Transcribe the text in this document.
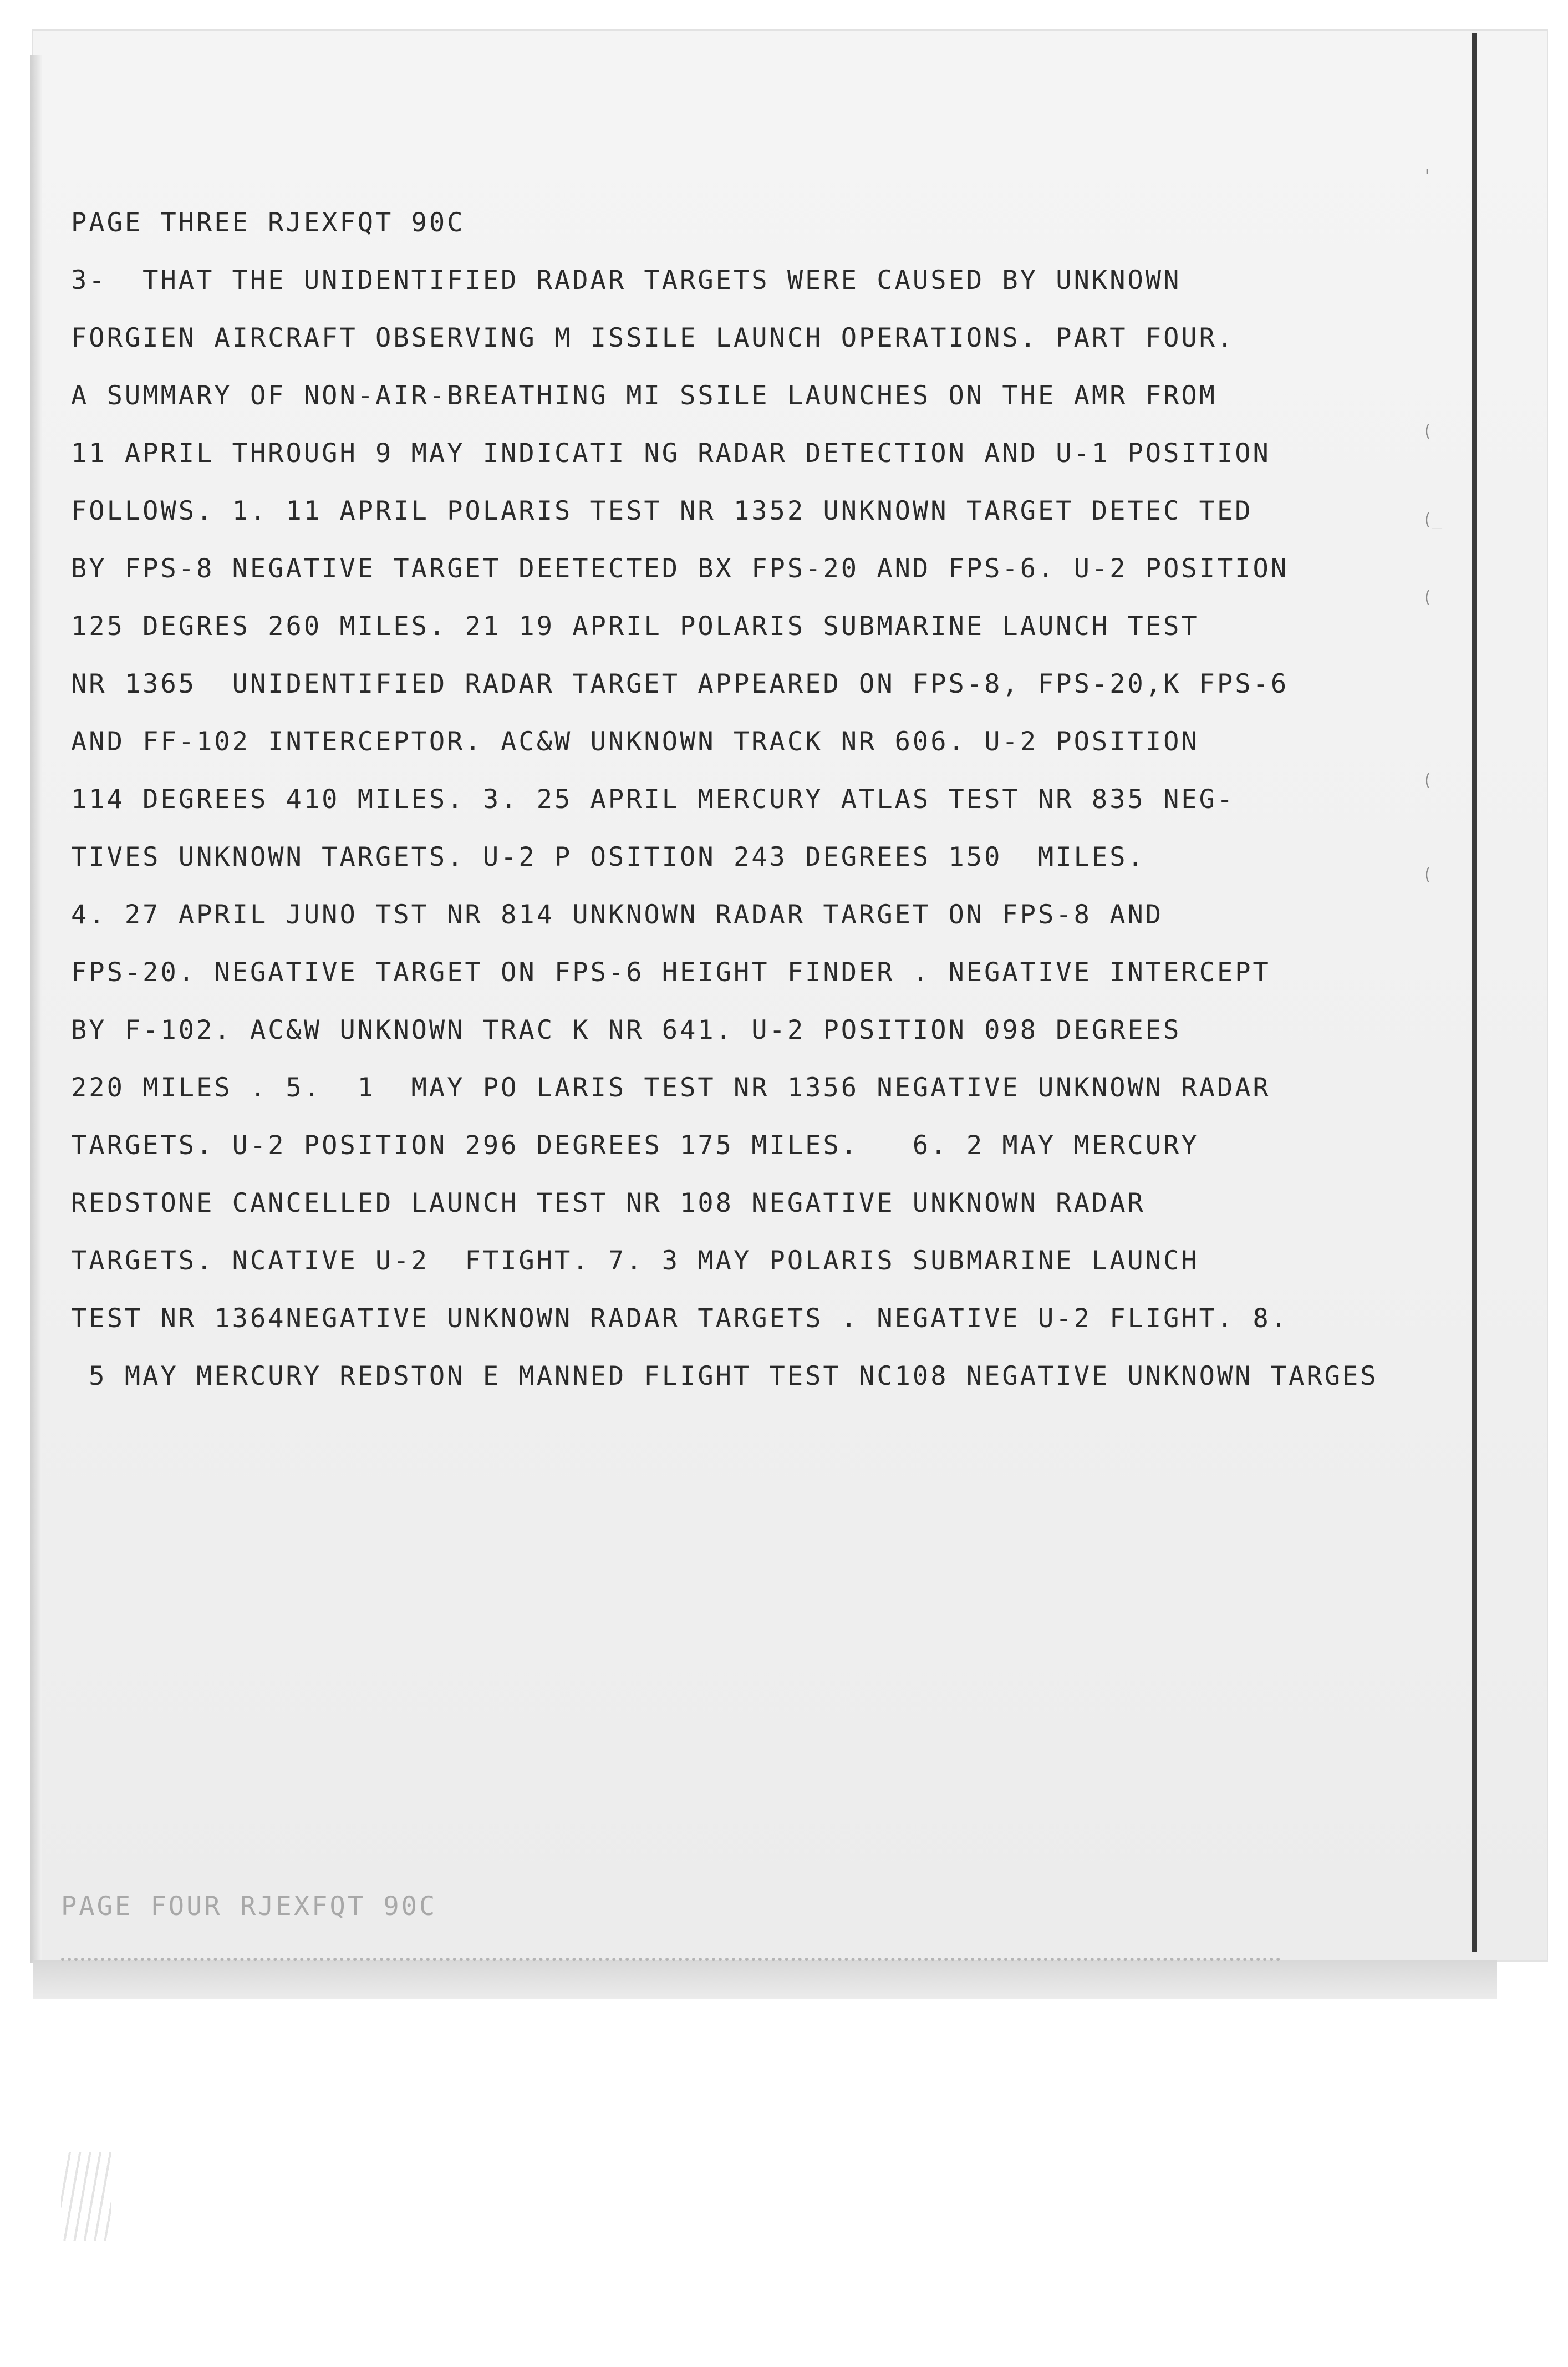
'
(
(_
(
(
(
PAGE THREE RJEXFQT 90C
3-  THAT THE UNIDENTIFIED RADAR TARGETS WERE CAUSED BY UNKNOWN
FORGIEN AIRCRAFT OBSERVING M ISSILE LAUNCH OPERATIONS. PART FOUR.
A SUMMARY OF NON-AIR-BREATHING MI SSILE LAUNCHES ON THE AMR FROM
11 APRIL THROUGH 9 MAY INDICATI NG RADAR DETECTION AND U-1 POSITION
FOLLOWS. 1. 11 APRIL POLARIS TEST NR 1352 UNKNOWN TARGET DETEC TED
BY FPS-8 NEGATIVE TARGET DEETECTED BX FPS-20 AND FPS-6. U-2 POSITION
125 DEGRES 260 MILES. 21 19 APRIL POLARIS SUBMARINE LAUNCH TEST
NR 1365  UNIDENTIFIED RADAR TARGET APPEARED ON FPS-8, FPS-20,K FPS-6
AND FF-102 INTERCEPTOR. AC&W UNKNOWN TRACK NR 606. U-2 POSITION
114 DEGREES 410 MILES. 3. 25 APRIL MERCURY ATLAS TEST NR 835 NEG-
TIVES UNKNOWN TARGETS. U-2 P OSITION 243 DEGREES 150  MILES.
4. 27 APRIL JUNO TST NR 814 UNKNOWN RADAR TARGET ON FPS-8 AND
FPS-20. NEGATIVE TARGET ON FPS-6 HEIGHT FINDER . NEGATIVE INTERCEPT
BY F-102. AC&W UNKNOWN TRAC K NR 641. U-2 POSITION 098 DEGREES
220 MILES . 5.  1  MAY PO LARIS TEST NR 1356 NEGATIVE UNKNOWN RADAR
TARGETS. U-2 POSITION 296 DEGREES 175 MILES.   6. 2 MAY MERCURY
REDSTONE CANCELLED LAUNCH TEST NR 108 NEGATIVE UNKNOWN RADAR
TARGETS. NCATIVE U-2  FTIGHT. 7. 3 MAY POLARIS SUBMARINE LAUNCH
TEST NR 1364NEGATIVE UNKNOWN RADAR TARGETS . NEGATIVE U-2 FLIGHT. 8.
5 MAY MERCURY REDSTON E MANNED FLIGHT TEST NC108 NEGATIVE UNKNOWN TARGES
PAGE FOUR RJEXFQT 90C
